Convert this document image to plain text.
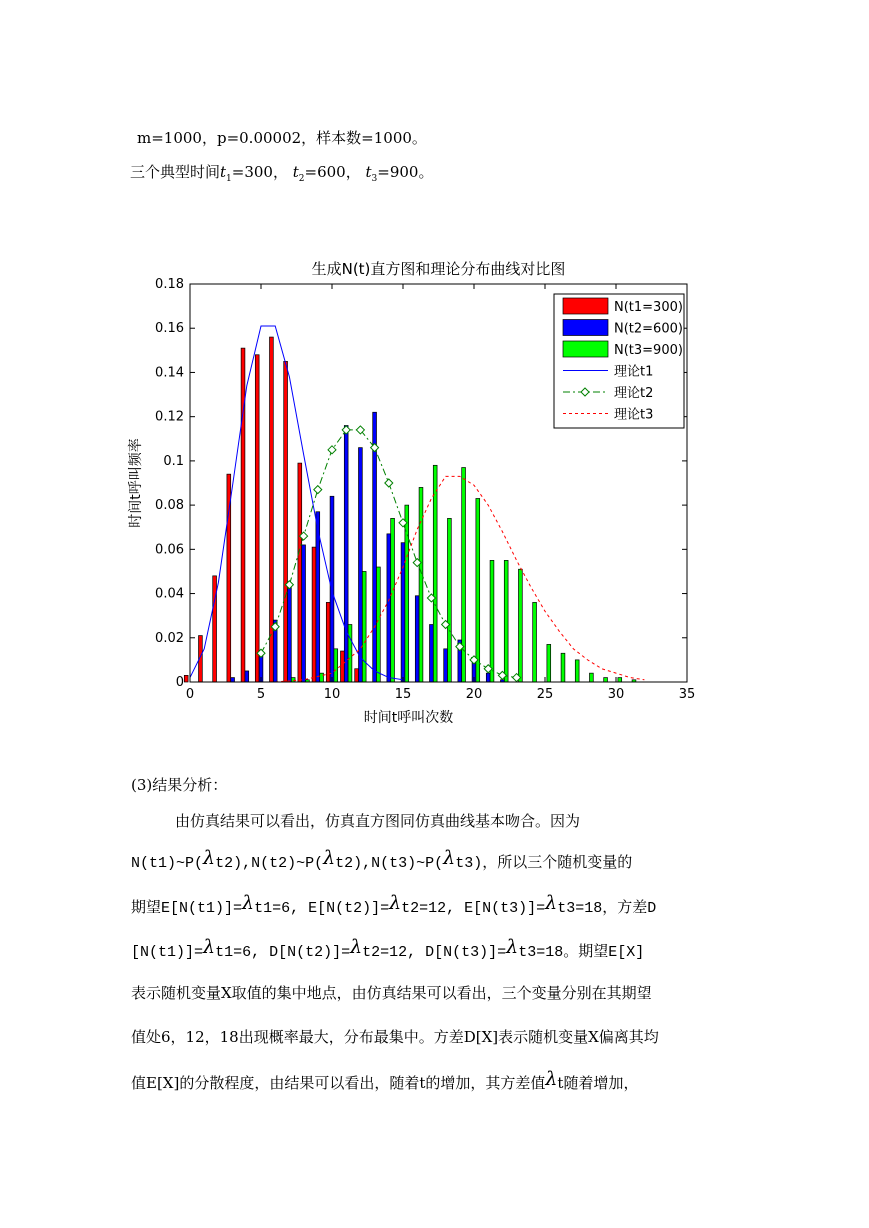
m=1000，p=0.00002，样本数=1000。
三个典型时间$t_1=300$， $t_2=600$， $t_3=900$。
生成N(t)直方图和理论分布曲线对比图
0	5	10	15	20	25	30	35
0
0.02
0.04
0.06
0.08
0.1
0.12
0.14
0.16
0.18
N(t1=300)
N(t2=600)
N(t3=900)
理论t1
理论t2
理论t3
时间t呼叫次数
时间t呼叫频率
(3)结果分析：
由仿真结果可以看出，仿真直方图同仿真曲线基本吻合。因为
N(t1)~P(λt2),N(t2)~P(λt2),N(t3)~P(λt3)，所以三个随机变量的
期望E[N(t1)]=λt1=6, E[N(t2)]=λt2=12, E[N(t3)]=λt3=18，方差D
[N(t1)]=λt1=6, D[N(t2)]=λt2=12, D[N(t3)]=λt3=18。期望E[X]
表示随机变量X取值的集中地点，由仿真结果可以看出，三个变量分别在其期望
值处6，12，18出现概率最大，分布最集中。方差D[X]表示随机变量X偏离其均
值E[X]的分散程度，由结果可以看出，随着t的增加，其方差值λt随着增加，
